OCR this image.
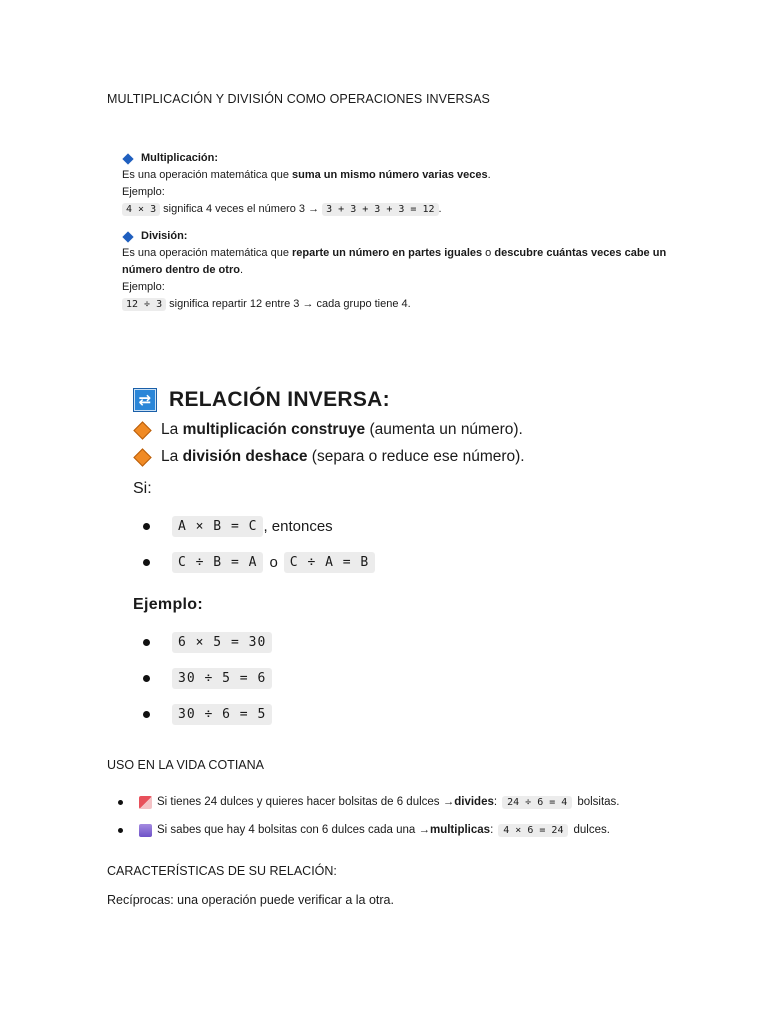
MULTIPLICACIÓN Y DIVISIÓN COMO OPERACIONES INVERSAS
Multiplicación:

Es una operación matemática que suma un mismo número varias veces.

Ejemplo:

4 × 3 significa 4 veces el número 3 → 3 + 3 + 3 + 3 = 12 .

División:

Es una operación matemática que reparte un número en partes iguales o descubre cuántas veces cabe un número dentro de otro.

Ejemplo:

12 ÷ 3 significa repartir 12 entre 3 → cada grupo tiene 4.

⇄ RELACIÓN INVERSA:
La multiplicación construye (aumenta un número).
La división deshace (separa o reduce ese número).
Si:
A × B = C , entonces
C ÷ B = A o C ÷ A = B
Ejemplo:
6 × 5 = 30
30 ÷ 5 = 6
30 ÷ 6 = 5
USO EN LA VIDA COTIANA
Si tienes 24 dulces y quieres hacer bolsitas de 6 dulces → divides :	24 ÷ 6 = 4 bolsitas.
Si sabes que hay 4 bolsitas con 6 dulces cada una → multiplicas :	4 × 6 = 24 dulces.
CARACTERÍSTICAS DE SU RELACIÓN:
Recíprocas: una operación puede verificar a la otra.
